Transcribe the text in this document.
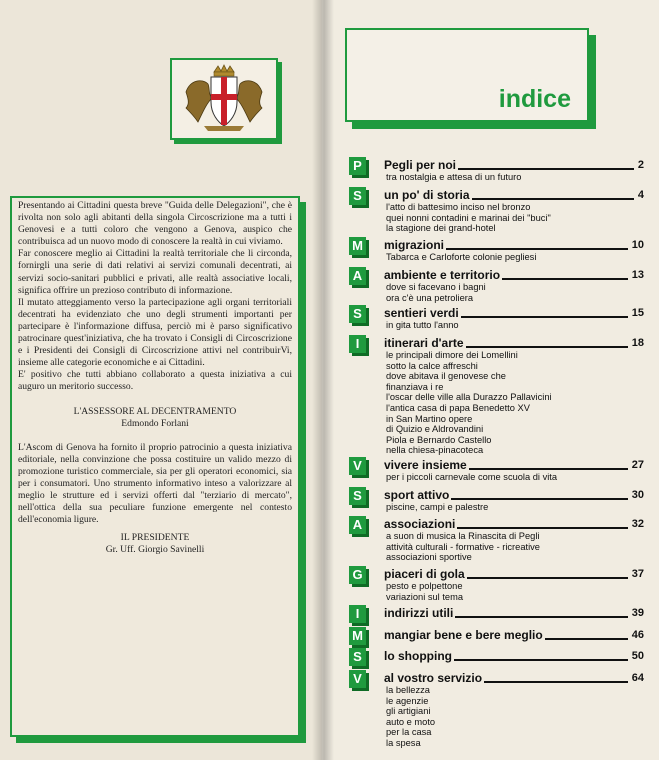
Presentando ai Cittadini questa breve "Guida delle Delegazioni", che è rivolta non solo agli abitanti della singola Circoscrizione ma a tutti i Genovesi e a tutti coloro che vengono a Genova, auspico che contribuisca ad un nuovo modo di conoscere la realtà in cui viviamo.

Far conoscere meglio ai Cittadini la realtà territoriale che li circonda, fornirgli una serie di dati relativi ai servizi comunali decentrati, ai servizi socio-sanitari pubblici e privati, alle realtà associative locali, significa offrire un prezioso contributo di informazione.

Il mutato atteggiamento verso la partecipazione agli organi territoriali decentrati ha evidenziato che uno degli strumenti importanti per partecipare è l'informazione diffusa, perciò mi è parso significativo patrocinare quest'iniziativa, che ha trovato i Consigli di Circoscrizione e i Presidenti dei Consigli di Circoscrizione attivi nel contribuirVi, insieme alle categorie economiche e ai Cittadini.

E' positivo che tutti abbiano collaborato a questa iniziativa a cui auguro un meritorio successo.

L'ASSESSORE AL DECENTRAMENTO

Edmondo Forlani

L'Ascom di Genova ha fornito il proprio patrocinio a questa iniziativa editoriale, nella convinzione che possa costituire un valido mezzo di promozione turistico commerciale, sia per gli operatori economici, sia per i consumatori. Uno strumento informativo inteso a valorizzare al meglio le strutture ed i servizi offerti dal "terziario di mercato", nell'ottica della sua peculiare funzione emergente nel contesto dell'economia ligure.

IL PRESIDENTE

Gr. Uff. Giorgio Savinelli

indice
P	Pegli per noi	2
tra nostalgia e attesa di un futuro
S	un po' di storia	4
l'atto di battesimo inciso nel bronzo
quei nonni contadini e marinai dei "buci"
la stagione dei grand-hotel
M migrazioni	10
Tabarca e Carloforte colonie pegliesi
A	ambiente e territorio	13
dove si facevano i bagni
ora c'è una petroliera
S	sentieri verdi	15
in gita tutto l'anno
I	itinerari d'arte	18
le principali dimore dei Lomellini
sotto la calce affreschi
dove abitava il genovese che
finanziava i re
l'oscar delle ville alla Durazzo Pallavicini
l'antica casa di papa Benedetto XV
in San Martino opere
di Quizio e Aldrovandini
Piola e Bernardo Castello
nella chiesa-pinacoteca
V	vivere insieme	27
per i piccoli carnevale come scuola di vita
S	sport attivo	30
piscine, campi e palestre
A	associazioni	32
a suon di musica la Rinascita di Pegli
attività culturali - formative - ricreative
associazioni sportive
G piaceri di gola	37
pesto e polpettone
variazioni sul tema
I	indirizzi utili	39
M mangiar bene e bere meglio	46
S	lo shopping	50
V	al vostro servizio	64
la bellezza
le agenzie
gli artigiani
auto e moto
per la casa
la spesa
